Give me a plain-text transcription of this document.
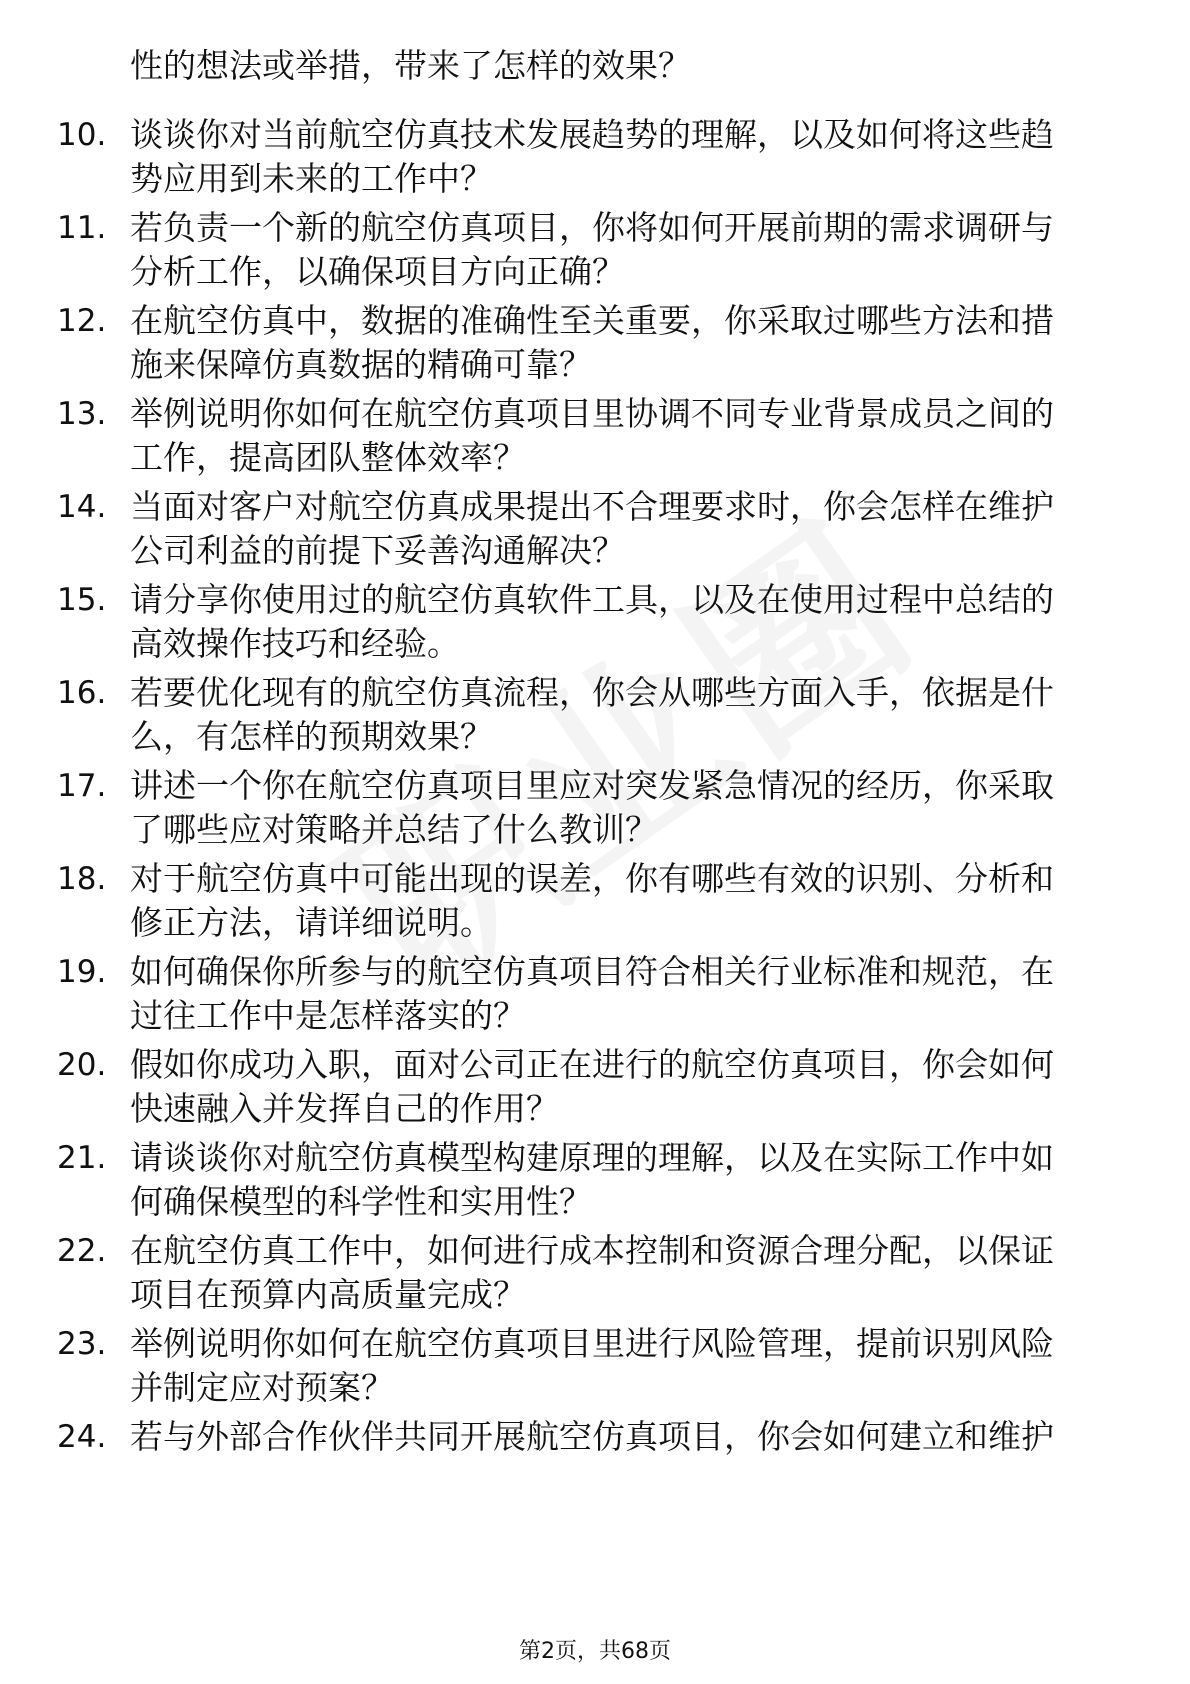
性的想法或举措，带来了怎样的效果？
10. 谈谈你对当前航空仿真技术发展趋势的理解，以及如何将这些趋
势应用到未来的工作中？
11. 若负责一个新的航空仿真项目，你将如何开展前期的需求调研与
分析工作，以确保项目方向正确？
12. 在航空仿真中，数据的准确性至关重要，你采取过哪些方法和措
施来保障仿真数据的精确可靠？
13. 举例说明你如何在航空仿真项目里协调不同专业背景成员之间的
工作，提高团队整体效率？
14. 当面对客户对航空仿真成果提出不合理要求时，你会怎样在维护
公司利益的前提下妥善沟通解决？
15. 请分享你使用过的航空仿真软件工具，以及在使用过程中总结的
高效操作技巧和经验。
16. 若要优化现有的航空仿真流程，你会从哪些方面入手，依据是什
么，有怎样的预期效果？
17. 讲述一个你在航空仿真项目里应对突发紧急情况的经历，你采取
了哪些应对策略并总结了什么教训？
18. 对于航空仿真中可能出现的误差，你有哪些有效的识别、分析和
修正方法，请详细说明。
19. 如何确保你所参与的航空仿真项目符合相关行业标准和规范，在
过往工作中是怎样落实的？
20. 假如你成功入职，面对公司正在进行的航空仿真项目，你会如何
快速融入并发挥自己的作用？
21. 请谈谈你对航空仿真模型构建原理的理解，以及在实际工作中如
何确保模型的科学性和实用性？
22. 在航空仿真工作中，如何进行成本控制和资源合理分配，以保证
项目在预算内高质量完成？
23. 举例说明你如何在航空仿真项目里进行风险管理，提前识别风险
并制定应对预案？
24. 若与外部合作伙伴共同开展航空仿真项目，你会如何建立和维护
第2页，共68页
